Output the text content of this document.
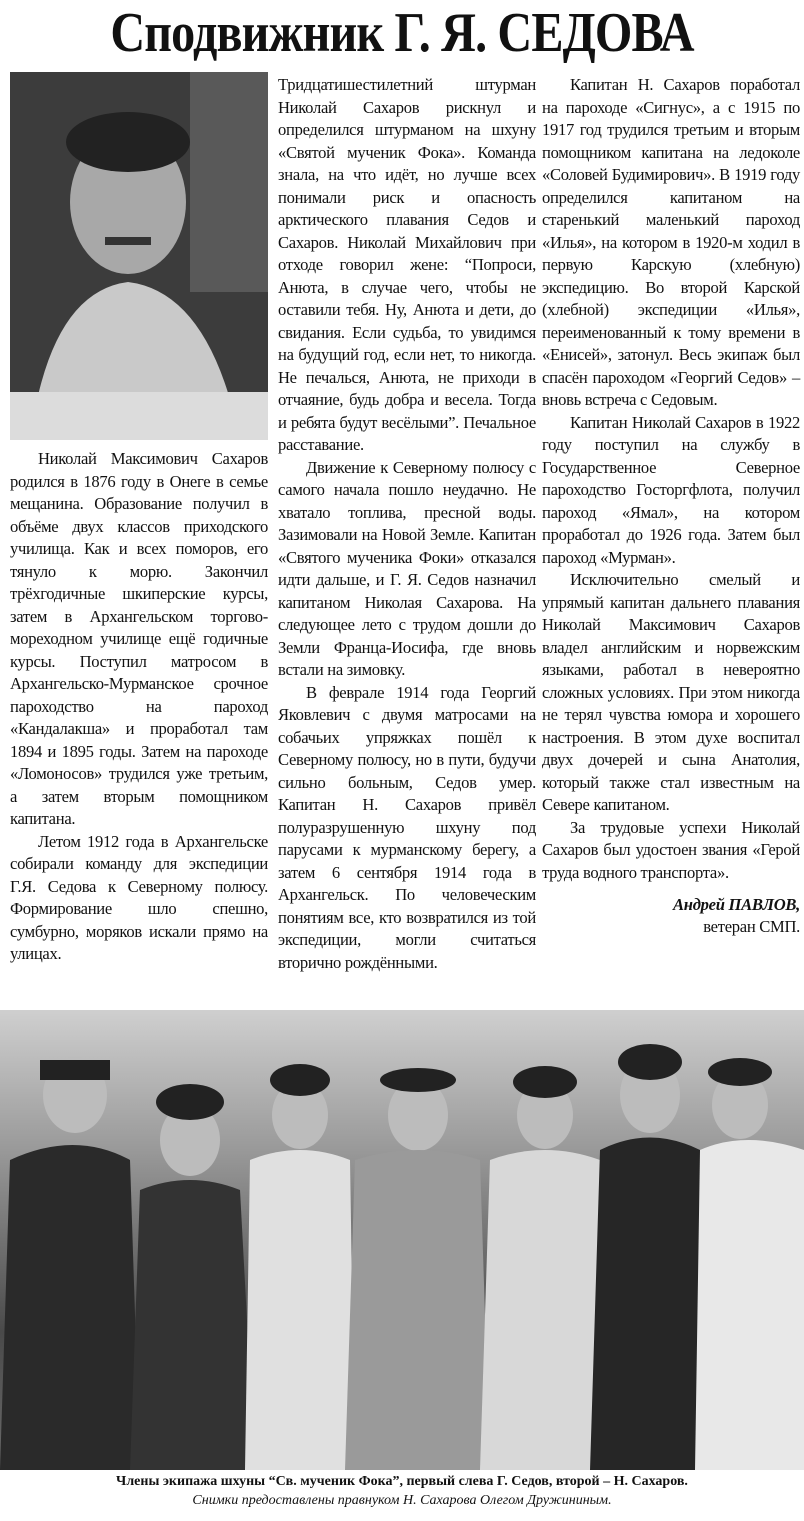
Сподвижник Г. Я. СЕДОВА

Николай Максимович Сахаров родился в 1876 году в Онеге в семье мещанина. Образование получил в объёме двух классов приходского училища. Как и всех поморов, его тянуло к морю. Закончил трёхгодичные шкиперские курсы, затем в Архангельском торгово-мореходном училище ещё годичные курсы. Поступил матросом в Архангельско-Мурманское срочное пароходство на пароход «Кандалакша» и проработал там 1894 и 1895 годы. Затем на пароходе «Ломоносов» трудился уже третьим, а затем вторым помощником капитана.

Летом 1912 года в Архангельске собирали команду для экспедиции Г.Я. Седова к Северному полюсу. Формирование шло спешно, сумбурно, моряков искали прямо на улицах.

Тридцатишестилетний штурман Николай Сахаров рискнул и определился штурманом на шхуну «Святой мученик Фока». Команда знала, на что идёт, но лучше всех понимали риск и опасность арктического плавания Седов и Сахаров. Николай Михайлович при отходе говорил жене: “Попроси, Анюта, в случае чего, чтобы не оставили тебя. Ну, Анюта и дети, до свидания. Если судьба, то увидимся на будущий год, если нет, то никогда. Не печалься, Анюта, не приходи в отчаяние, будь добра и весела. Тогда и ребята будут весёлыми”. Печальное расставание.

Движение к Северному полюсу с самого начала пошло неудачно. Не хватало топлива, пресной воды. Зазимовали на Новой Земле. Капитан «Святого мученика Фоки» отказался идти дальше, и Г. Я. Седов назначил капитаном Николая Сахарова. На следующее лето с трудом дошли до Земли Франца-Иосифа, где вновь встали на зимовку.

В феврале 1914 года Георгий Яковлевич с двумя матросами на собачьих упряжках пошёл к Северному полюсу, но в пути, будучи сильно больным, Седов умер. Капитан Н. Сахаров привёл полуразрушенную шхуну под парусами к мурманскому берегу, а затем 6 сентября 1914 года в Архангельск. По человеческим понятиям все, кто возвратился из той экспедиции, могли считаться вторично рождёнными.

Капитан Н. Сахаров поработал на пароходе «Сигнус», а с 1915 по 1917 год трудился третьим и вторым помощником капитана на ледоколе «Соловей Будимирович». В 1919 году определился капитаном на старенький маленький пароход «Илья», на котором в 1920-м ходил в первую Карскую (хлебную) экспедицию. Во второй Карской (хлебной) экспедиции «Илья», переименованный к тому времени в «Енисей», затонул. Весь экипаж был спасён пароходом «Георгий Седов» – вновь встреча с Седовым.

Капитан Николай Сахаров в 1922 году поступил на службу в Государственное Северное пароходство Госторгфлота, получил пароход «Ямал», на котором проработал до 1926 года. Затем был пароход «Мурман».

Исключительно смелый и упрямый капитан дальнего плавания Николай Максимович Сахаров владел английским и норвежским языками, работал в невероятно сложных условиях. При этом никогда не терял чувства юмора и хорошего настроения. В этом духе воспитал двух дочерей и сына Анатолия, который также стал известным на Севере капитаном.

За трудовые успехи Николай Сахаров был удостоен звания «Герой труда водного транспорта».

Андрей ПАВЛОВ,
ветеран СМП.
Члены экипажа шхуны “Св. мученик Фока”, первый слева Г. Седов, второй – Н. Сахаров.
Снимки предоставлены правнуком Н. Сахарова Олегом Дружининым.
